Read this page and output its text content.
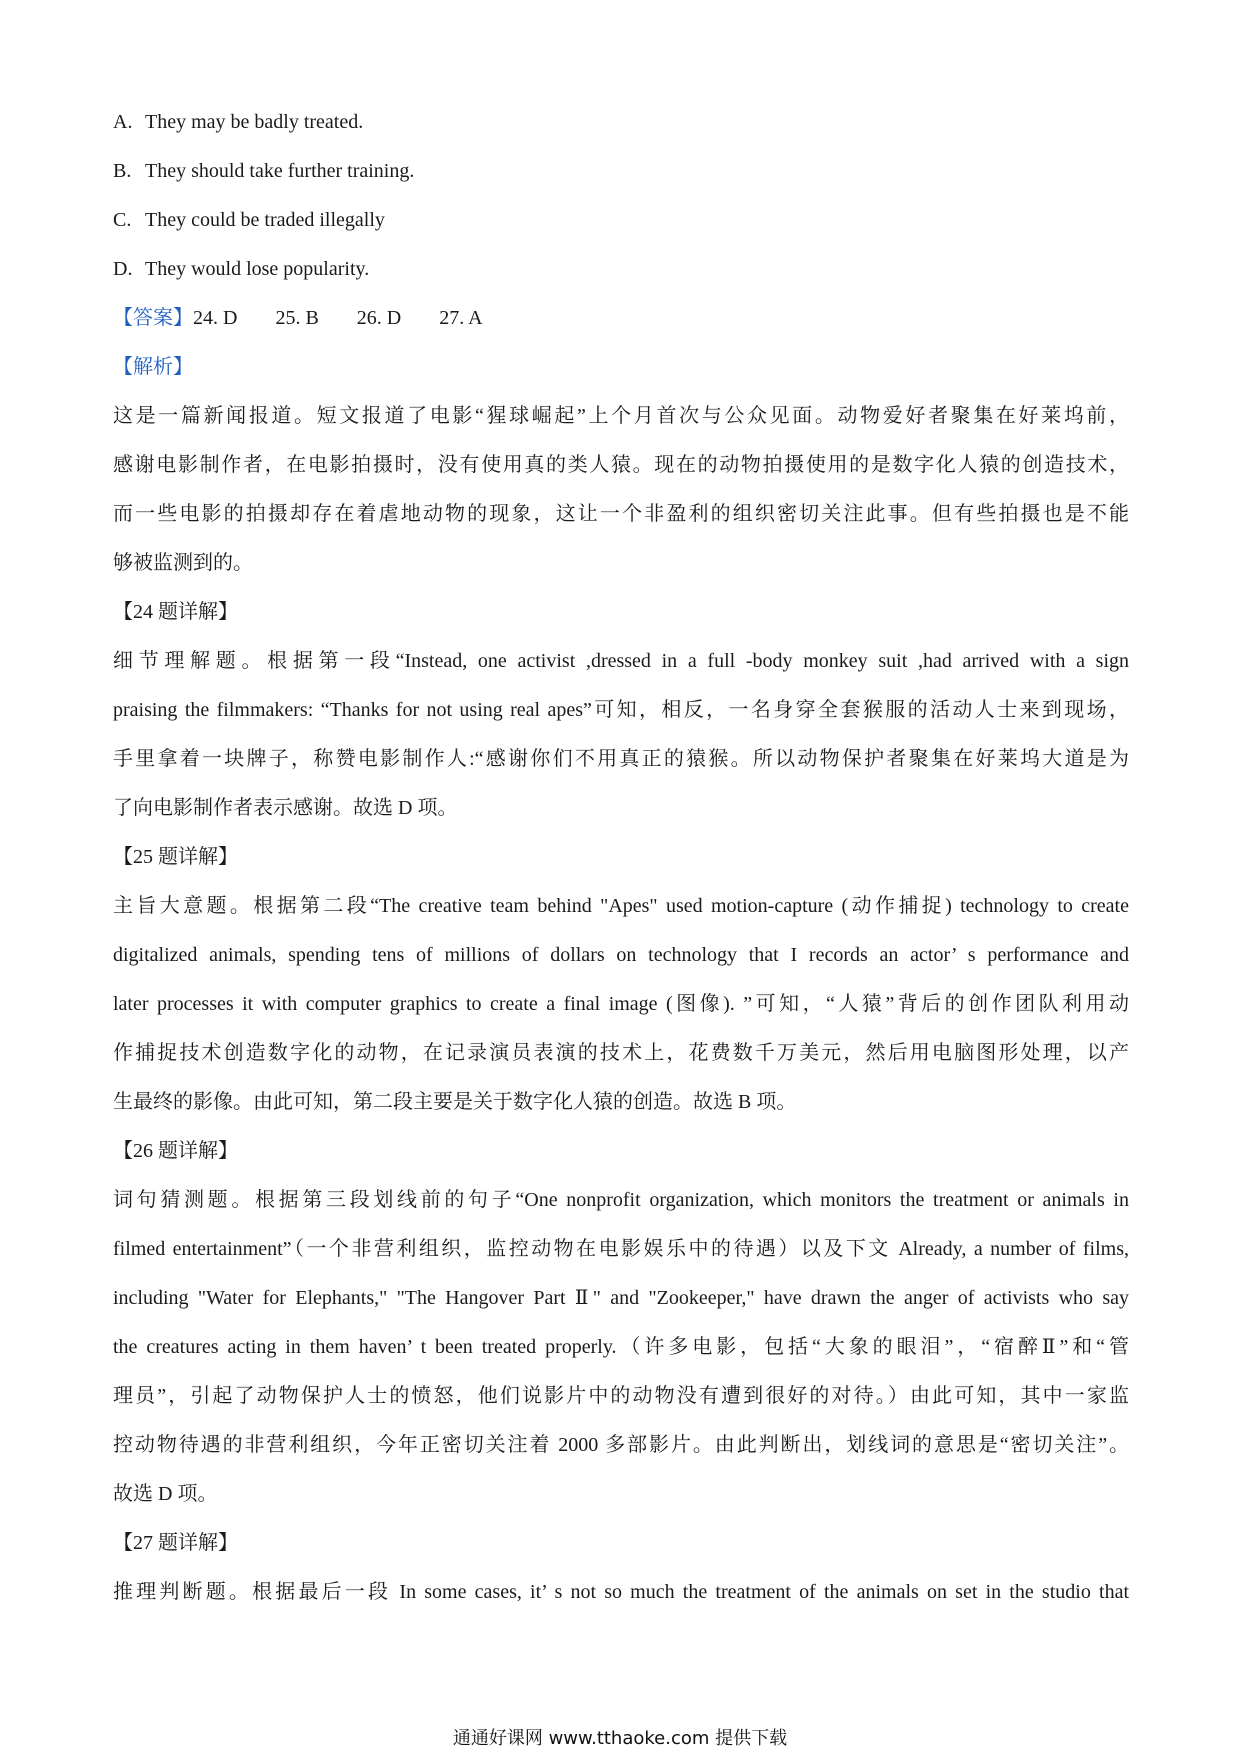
A. They may be badly treated.
B. They should take further training.
C. They could be traded illegally
D. They would lose popularity.
【答案】24. D 25. B 26. D 27. A
【解析】

这是一篇新闻报道。短文报道了电影“猩球崛起”上个月首次与公众见面。动物爱好者聚集在好莱坞前，
感谢电影制作者，在电影拍摄时，没有使用真的类人猿。现在的动物拍摄使用的是数字化人猿的创造技术，
而一些电影的拍摄却存在着虐地动物的现象，这让一个非盈利的组织密切关注此事。但有些拍摄也是不能
够被监测到的。

【24 题详解】

细节理解题。根据第一段“Instead, one activist ,dressed in a full -body monkey suit ,had arrived with a sign
praising the filmmakers: “Thanks for not using real apes”可知，相反，一名身穿全套猴服的活动人士来到现场，
手里拿着一块牌子，称赞电影制作人:“感谢你们不用真正的猿猴。所以动物保护者聚集在好莱坞大道是为
了向电影制作者表示感谢。故选 D 项。

【25 题详解】

主旨大意题。根据第二段“The creative team behind "Apes" used motion-capture (动作捕捉) technology to create
digitalized animals, spending tens of millions of dollars on technology that I records an actor’ s performance and
later processes it with computer graphics to create a final image (图像). ”可知，“人猿”背后的创作团队利用动
作捕捉技术创造数字化的动物，在记录演员表演的技术上，花费数千万美元，然后用电脑图形处理，以产
生最终的影像。由此可知，第二段主要是关于数字化人猿的创造。故选 B 项。

【26 题详解】

词句猜测题。根据第三段划线前的句子“One nonprofit organization, which monitors the treatment or animals in
filmed entertainment”（一个非营利组织，监控动物在电影娱乐中的待遇）以及下文 Already, a number of films,
including "Water for Elephants," "The Hangover Part Ⅱ" and "Zookeeper," have drawn the anger of activists who say
the creatures acting in them haven’ t been treated properly.（许多电影，包括“大象的眼泪”，“宿醉Ⅱ”和“管
理员”，引起了动物保护人士的愤怒，他们说影片中的动物没有遭到很好的对待。）由此可知，其中一家监
控动物待遇的非营利组织，今年正密切关注着 2000 多部影片。由此判断出，划线词的意思是“密切关注”。
故选 D 项。

【27 题详解】

推理判断题。根据最后一段 In some cases, it’ s not so much the treatment of the animals on set in the studio that

通通好课网 www.tthaoke.com 提供下载
